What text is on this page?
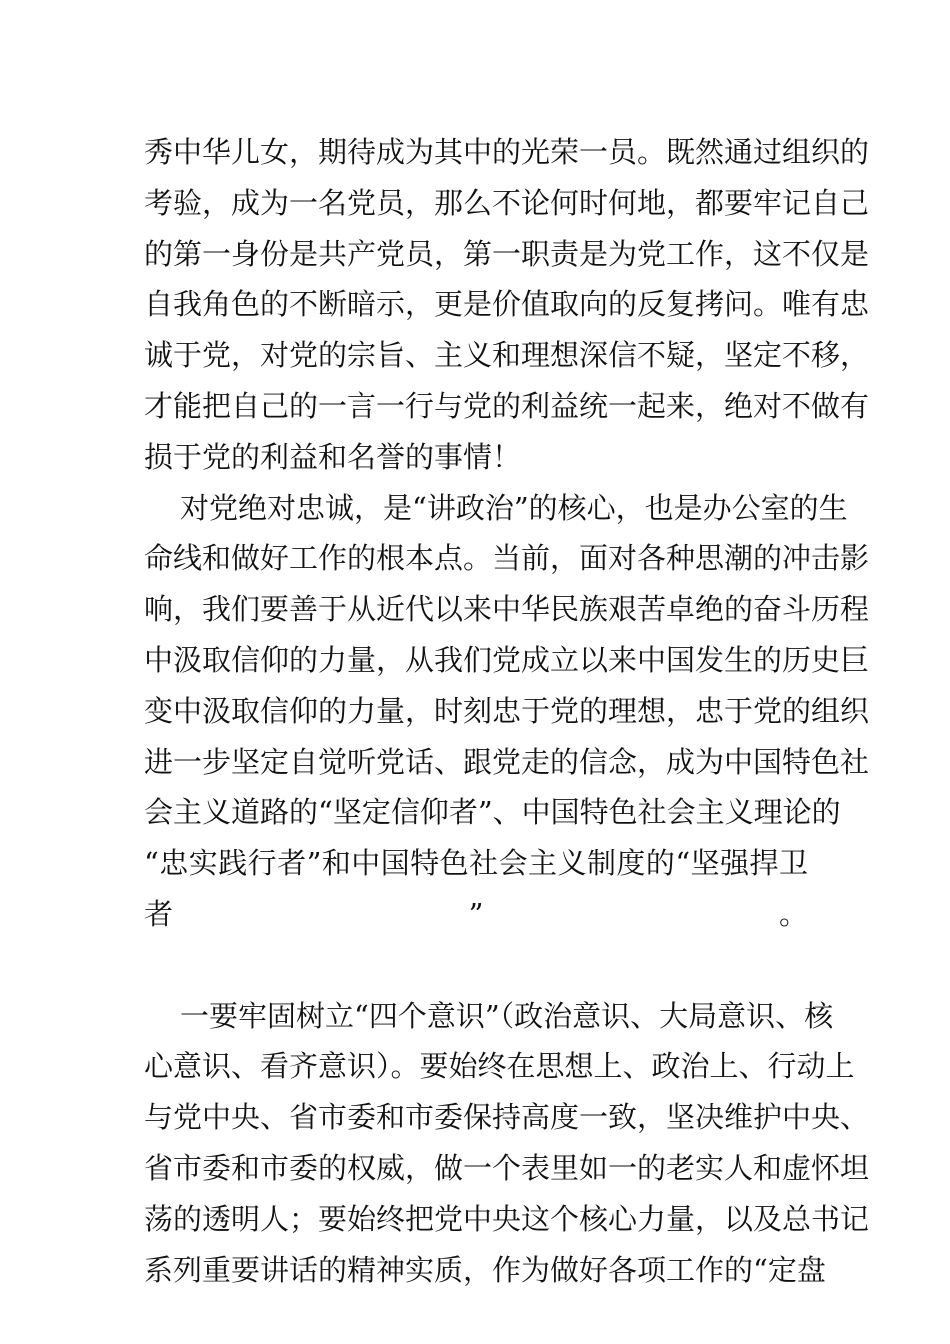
秀中华儿女，期待成为其中的光荣一员。既然通过组织的
考验，成为一名党员，那么不论何时何地，都要牢记自己
的第一身份是共产党员，第一职责是为党工作，这不仅是
自我角色的不断暗示，更是价值取向的反复拷问。唯有忠
诚于党，对党的宗旨、主义和理想深信不疑，坚定不移，
才能把自己的一言一行与党的利益统一起来，绝对不做有
损于党的利益和名誉的事情！
对党绝对忠诚，是“讲政治”的核心，也是办公室的生
命线和做好工作的根本点。当前，面对各种思潮的冲击影
响，我们要善于从近代以来中华民族艰苦卓绝的奋斗历程
中汲取信仰的力量，从我们党成立以来中国发生的历史巨
变中汲取信仰的力量，时刻忠于党的理想，忠于党的组织
进一步坚定自觉听党话、跟党走的信念，成为中国特色社
会主义道路的“坚定信仰者”、中国特色社会主义理论的
“忠实践行者”和中国特色社会主义制度的“坚强捍卫
者”。
一要牢固树立“四个意识”（政治意识、大局意识、核
心意识、看齐意识）。要始终在思想上、政治上、行动上
与党中央、省市委和市委保持高度一致，坚决维护中央、
省市委和市委的权威，做一个表里如一的老实人和虚怀坦
荡的透明人；要始终把党中央这个核心力量，以及总书记
系列重要讲话的精神实质，作为做好各项工作的“定盘
